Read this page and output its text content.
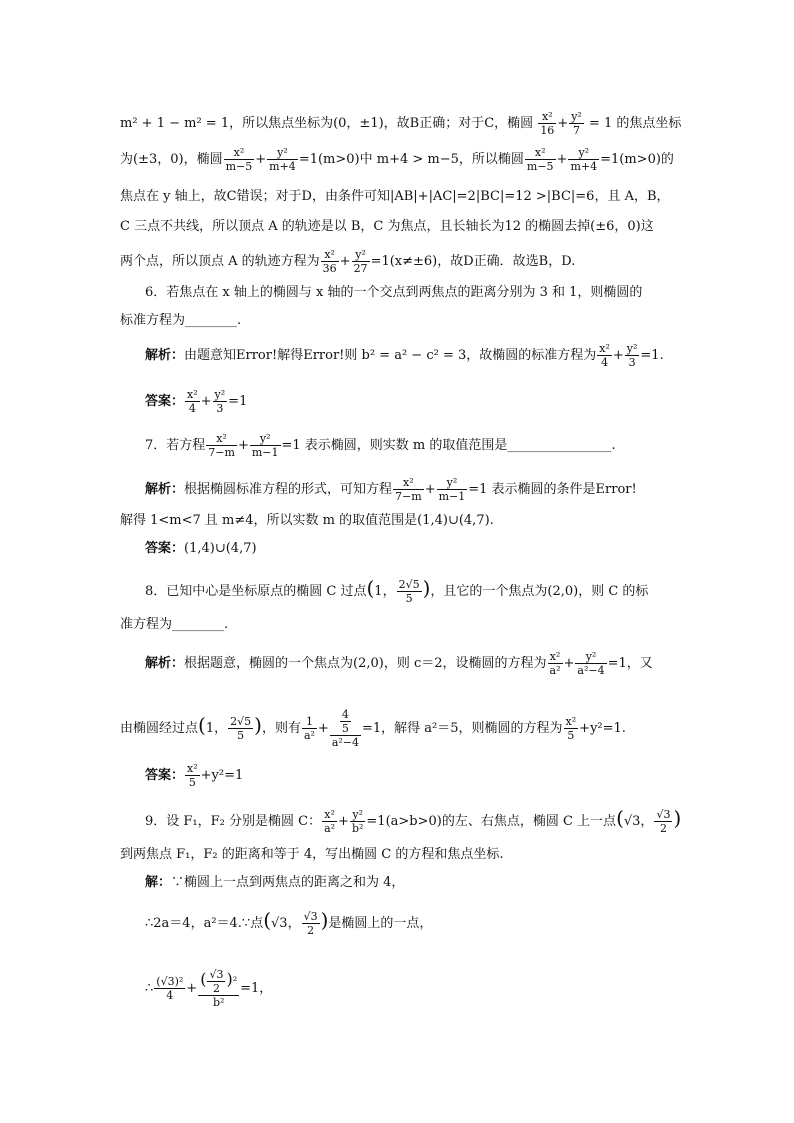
m² + 1 − m² = 1，所以焦点坐标为(0，±1)，故B正确；对于C，椭圆 $\frac{\text{x²}}{16} + \frac{\text{y²}}{7} = 1$ 的焦点坐标
为(±3，0)，椭圆 $\frac{\text{x²}}{m-5} + \frac{\text{y²}}{m+4} =1(m>0)$中 m+4 > m−5，所以椭圆 $\frac{\text{x²}}{m-5} + \frac{\text{y²}}{m+4} =1(m>0)$的
焦点在 y 轴上，故C错误；对于D，由条件可知|AB|+|AC|=2|BC|=12 >|BC|=6，且 A，B，
C 三点不共线，所以顶点 A 的轨迹是以 B，C 为焦点，且长轴长为12 的椭圆去掉(±6，0)这
两个点，所以顶点 A 的轨迹方程为 $\frac{\text{x²}}{36} + \frac{\text{y²}}{27} =1(x\ne\pm 6)$，故D正确．故选B，D.
6．若焦点在 x 轴上的椭圆与 x 轴的一个交点到两焦点的距离分别为 3 和 1，则椭圆的
标准方程为________.
解析：由题意知Error!解得Error!则 b² = a² − c² = 3，故椭圆的标准方程为 $\frac{\text{x²}}{4} + \frac{\text{y²}}{3} =1$.
答案： $\frac{\text{x²}}{4} + \frac{\text{y²}}{3} =1$
7．若方程 $\frac{\text{x²}}{7-m} + \frac{\text{y²}}{m-1} =1$ 表示椭圆，则实数 m 的取值范围是________________.
解析：根据椭圆标准方程的形式，可知方程 $\frac{\text{x²}}{7-m} + \frac{\text{y²}}{m-1} =1$ 表示椭圆的条件是Error!
解得 1<m<7 且 m≠4，所以实数 m 的取值范围是(1,4)∪(4,7).
答案：(1,4)∪(4,7)
8．已知中心是坐标原点的椭圆 C 过点(1， $\frac{2√5}{5}$ )，且它的一个焦点为(2,0)，则 C 的标
准方程为________.
解析：根据题意，椭圆的一个焦点为(2,0)，则 c＝2，设椭圆的方程为 $\frac{\text{x²}}{\text{a²}} + \frac{\text{y²}}{\text{a²−4}} =1$，又
由椭圆经过点(1， $\frac{2√5}{5}$ )，则有 $\frac{1}{\text{a²}} + \frac{\frac{4}{5}}{\text{a²−4}} =1$，解得 a²＝5，则椭圆的方程为 $\frac{\text{x²}}{5} +y^2=1$.
答案： $\frac{\text{x²}}{5} +y^2=1$
9．设 F₁，F₂ 分别是椭圆 C： $\frac{\text{x²}}{\text{a²}} + \frac{\text{y²}}{\text{b²}} =1(a>b>0)$的左、右焦点，椭圆 C 上一点(√3， $\frac{√3}{2}$ )
到两焦点 F₁，F₂ 的距离和等于 4，写出椭圆 C 的方程和焦点坐标.
解：∵椭圆上一点到两焦点的距离之和为 4，
∴2a＝4，a²＝4.∵点(√3， $\frac{√3}{2}$ )是椭圆上的一点，
∴ $\frac{\text{(√3)²}}{4} + \frac{( \frac{√3}{2} )^2}{\text{b²}} =1$，
